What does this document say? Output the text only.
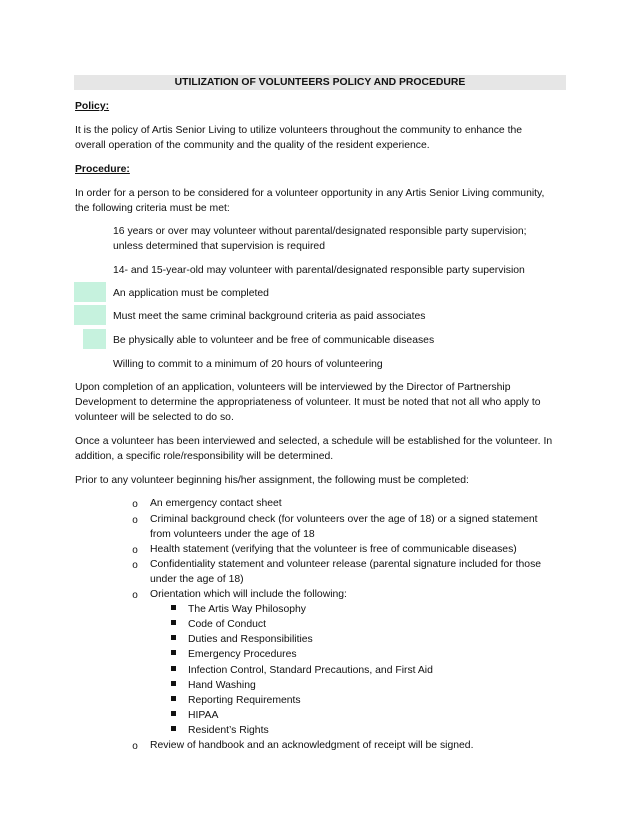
UTILIZATION OF VOLUNTEERS POLICY AND PROCEDURE
Policy:
It is the policy of Artis Senior Living to utilize volunteers throughout the community to enhance the
overall operation of the community and the quality of the resident experience.
Procedure:
In order for a person to be considered for a volunteer opportunity in any Artis Senior Living community,
the following criteria must be met:
16 years or over may volunteer without parental/designated responsible party supervision;
unless determined that supervision is required
14- and 15-year-old may volunteer with parental/designated responsible party supervision
An application must be completed
Must meet the same criminal background criteria as paid associates
Be physically able to volunteer and be free of communicable diseases
Willing to commit to a minimum of 20 hours of volunteering
Upon completion of an application, volunteers will be interviewed by the Director of Partnership
Development to determine the appropriateness of volunteer. It must be noted that not all who apply to
volunteer will be selected to do so.
Once a volunteer has been interviewed and selected, a schedule will be established for the volunteer. In
addition, a specific role/responsibility will be determined.
Prior to any volunteer beginning his/her assignment, the following must be completed:
o An emergency contact sheet
o Criminal background check (for volunteers over the age of 18) or a signed statement
from volunteers under the age of 18
o Health statement (verifying that the volunteer is free of communicable diseases)
o Confidentiality statement and volunteer release (parental signature included for those
under the age of 18)
o Orientation which will include the following:
The Artis Way Philosophy
Code of Conduct
Duties and Responsibilities
Emergency Procedures
Infection Control, Standard Precautions, and First Aid
Hand Washing
Reporting Requirements
HIPAA
Resident’s Rights
o Review of handbook and an acknowledgment of receipt will be signed.
